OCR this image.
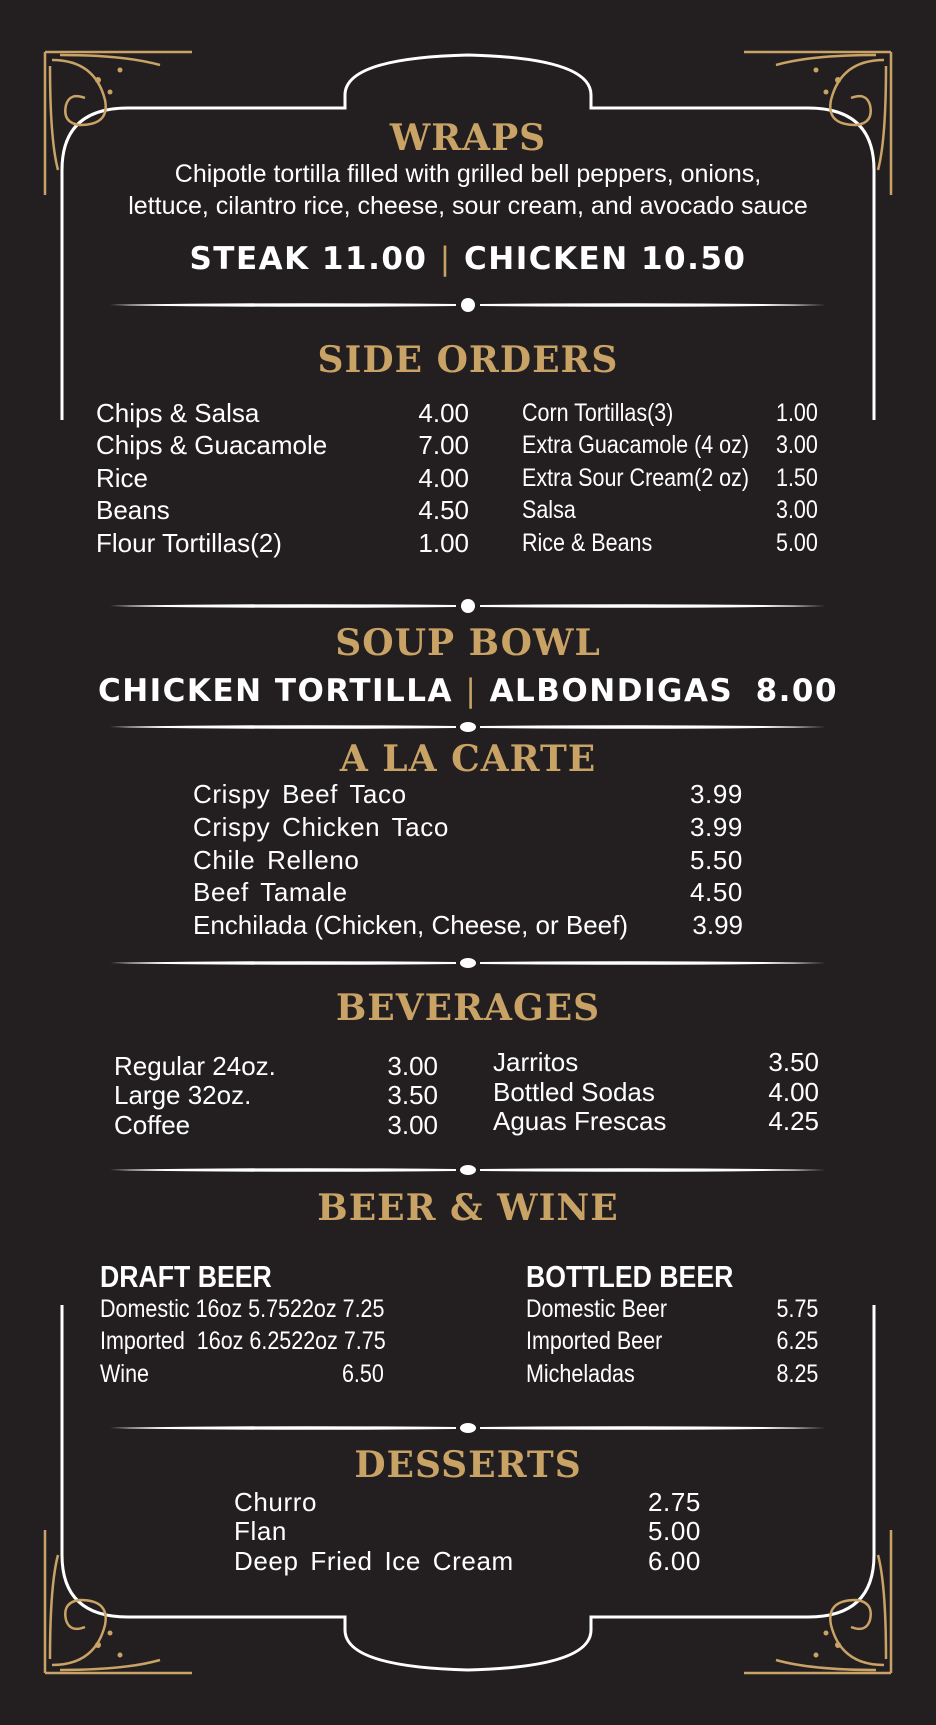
WRAPS
Chipotle tortilla filled with grilled bell peppers, onions,
lettuce, cilantro rice, cheese, sour cream, and avocado sauce
STEAK 11.00 | CHICKEN 10.50
SIDE ORDERS
Chips & Salsa	4.00
Chips & Guacamole	7.00
Rice	4.00
Beans	4.50
Flour Tortillas(2)	1.00
Corn Tortillas(3)	1.00
Extra Guacamole (4 oz) 3.00
Extra Sour Cream(2 oz) 1.50
Salsa	3.00
Rice & Beans	5.00
SOUP BOWL
CHICKEN TORTILLA | ALBONDIGAS 8.00
A LA CARTE
Crispy Beef Taco	3.99
Crispy Chicken Taco	3.99
Chile Relleno	5.50
Beef Tamale	4.50
Enchilada (Chicken, Cheese, or Beef) 3.99
BEVERAGES
Regular 24oz.	3.00
Large 32oz.	3.50
Coffee	3.00
Jarritos	3.50
Bottled Sodas	4.00
Aguas Frescas	4.25
BEER & WINE
DRAFT BEER
Domestic 16oz 5.75 22oz 7.25
Imported  16oz 6.25 22oz 7.75
Wine	6.50
BOTTLED BEER
Domestic Beer	5.75
Imported Beer	6.25
Micheladas	8.25
DESSERTS
Churro	2.75
Flan	5.00
Deep Fried Ice Cream	6.00
